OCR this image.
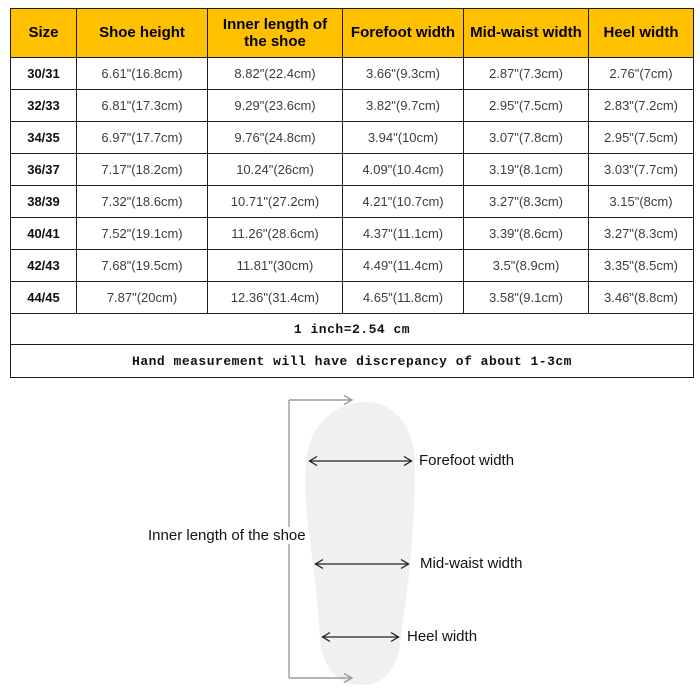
Size	Shoe height	Inner length of the shoe	Forefoot width	Mid-waist width	Heel width
30/31	6.61"(16.8cm)	8.82"(22.4cm)	3.66"(9.3cm)	2.87"(7.3cm)	2.76"(7cm)
32/33	6.81"(17.3cm)	9.29"(23.6cm)	3.82"(9.7cm)	2.95"(7.5cm)	2.83"(7.2cm)
34/35	6.97"(17.7cm)	9.76"(24.8cm)	3.94"(10cm)	3.07"(7.8cm)	2.95"(7.5cm)
36/37	7.17"(18.2cm)	10.24"(26cm)	4.09"(10.4cm)	3.19"(8.1cm)	3.03"(7.7cm)
38/39	7.32"(18.6cm)	10.71"(27.2cm)	4.21"(10.7cm)	3.27"(8.3cm)	3.15"(8cm)
40/41	7.52"(19.1cm)	11.26"(28.6cm)	4.37"(11.1cm)	3.39"(8.6cm)	3.27"(8.3cm)
42/43	7.68"(19.5cm)	11.81"(30cm)	4.49"(11.4cm)	3.5"(8.9cm)	3.35"(8.5cm)
44/45	7.87"(20cm)	12.36"(31.4cm)	4.65"(11.8cm)	3.58"(9.1cm)	3.46"(8.8cm)
1 inch=2.54 cm					
Hand measurement will have discrepancy of about 1-3cm					
Inner length of the shoe
Forefoot width
Mid-waist width
Heel width
